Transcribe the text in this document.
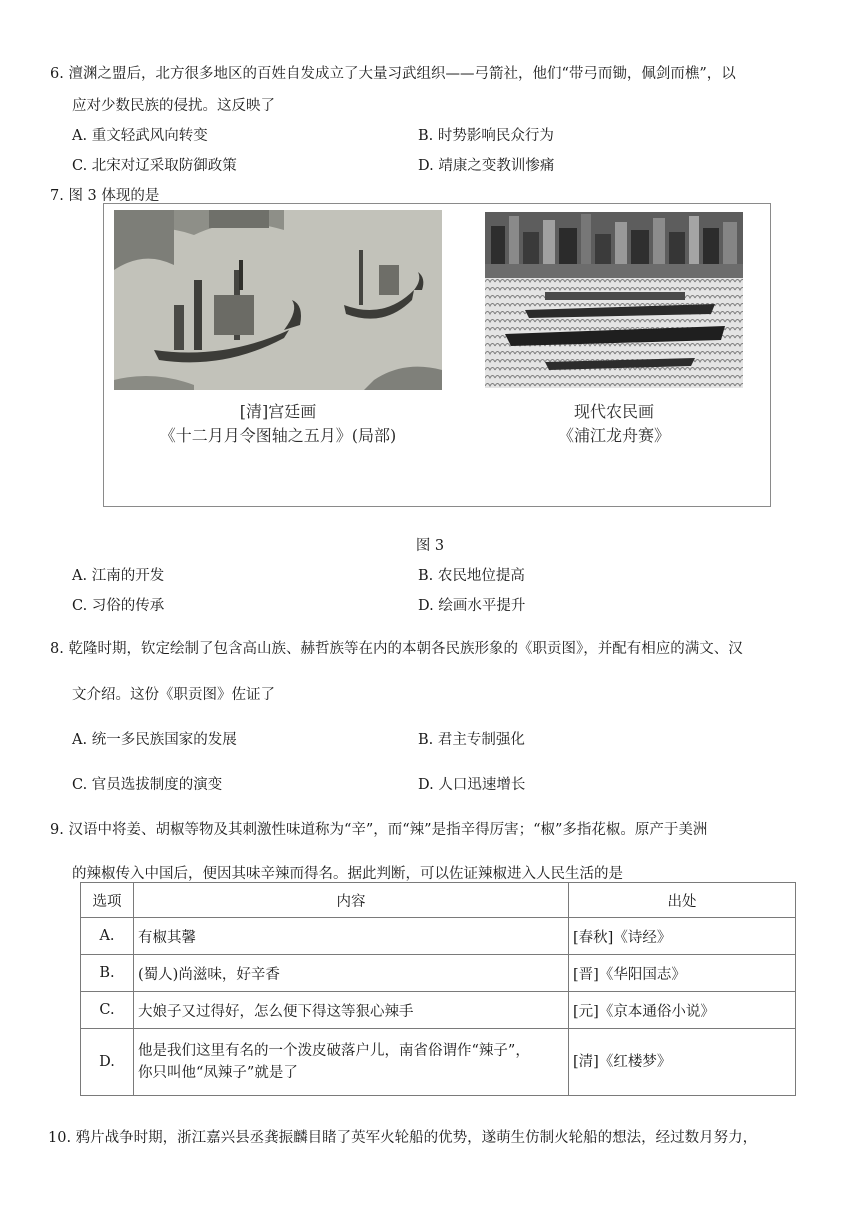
6. 澶渊之盟后，北方很多地区的百姓自发成立了大量习武组织——弓箭社，他们“带弓而锄，佩剑而樵”，以
应对少数民族的侵扰。这反映了
A. 重文轻武风向转变	B. 时势影响民众行为
C. 北宋对辽采取防御政策	D. 靖康之变教训惨痛
7. 图 3 体现的是
[清]宫廷画
《十二月月令图轴之五月》(局部)
现代农民画
《浦江龙舟赛》
图 3
A. 江南的开发	B. 农民地位提高
C. 习俗的传承	D. 绘画水平提升
8. 乾隆时期，钦定绘制了包含高山族、赫哲族等在内的本朝各民族形象的《职贡图》，并配有相应的满文、汉
文介绍。这份《职贡图》佐证了
A. 统一多民族国家的发展	B. 君主专制强化
C. 官员选拔制度的演变	D. 人口迅速增长
9. 汉语中将姜、胡椒等物及其刺激性味道称为“辛”，而“辣”是指辛得厉害；“椒”多指花椒。原产于美洲
的辣椒传入中国后，便因其味辛辣而得名。据此判断，可以佐证辣椒进入人民生活的是
选项	内容	出处
A.	有椒其馨	[春秋]《诗经》
B.	(蜀人)尚滋味，好辛香	[晋]《华阳国志》
C.	大娘子又过得好，怎么便下得这等狠心辣手	[元]《京本通俗小说》
D.	他是我们这里有名的一个泼皮破落户儿，南省俗谓作“辣子”，
你只叫他“凤辣子”就是了	[清]《红楼梦》
10. 鸦片战争时期，浙江嘉兴县丞龚振麟目睹了英军火轮船的优势，遂萌生仿制火轮船的想法，经过数月努力，
